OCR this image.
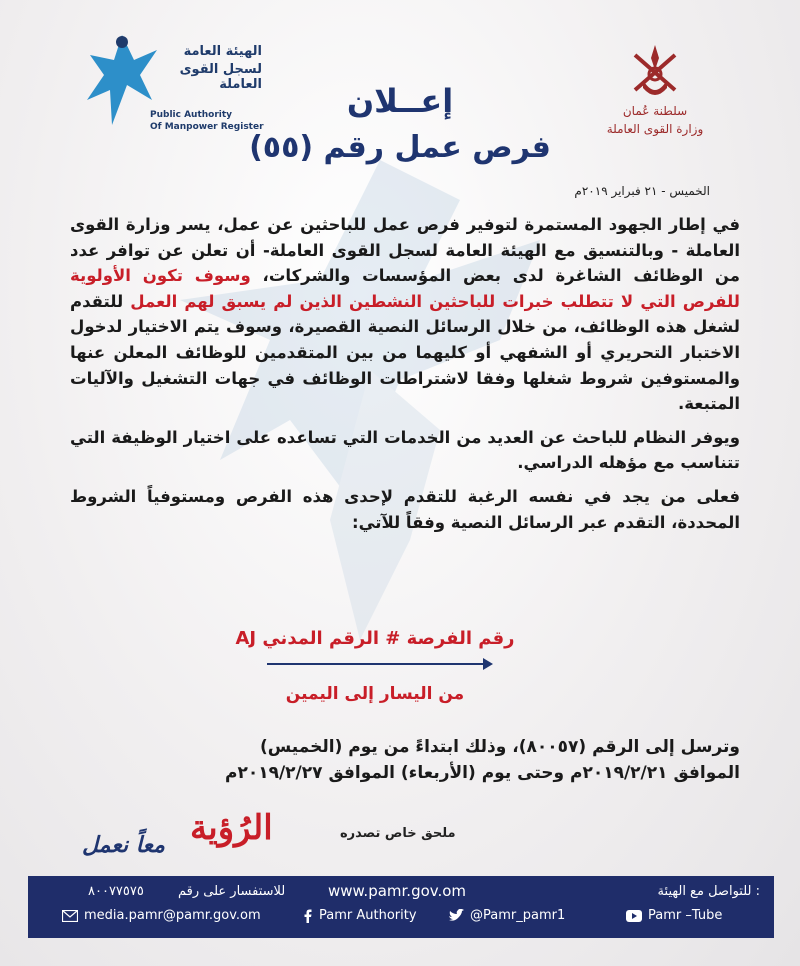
الهيئة العامة
لسجل القوى العاملة
Public Authority
Of Manpower Register
سلطنة عُمان
وزارة القوى العاملة
إعــلان
فرص عمل رقم (٥٥)
الخميس - ٢١ فبراير ٢٠١٩م

في إطار الجهود المستمرة لتوفير فرص عمل للباحثين عن عمل، يسر وزارة القوى العاملة - وبالتنسيق مع الهيئة العامة لسجل القوى العاملة- أن تعلن عن توافر عدد من الوظائف الشاغرة لدى بعض المؤسسات والشركات، وسوف تكون الأولوية للفرص التي لا تتطلب خبرات للباحثين النشطين الذين لم يسبق لهم العمل للتقدم لشغل هذه الوظائف، من خلال الرسائل النصية القصيرة، وسوف يتم الاختيار لدخول الاختبار التحريري أو الشفهي أو كليهما من بين المتقدمين للوظائف المعلن عنها والمستوفين شروط شغلها وفقا لاشتراطات الوظائف في جهات التشغيل والآليات المتبعة.

ويوفر النظام للباحث عن العديد من الخدمات التي تساعده على اختيار الوظيفة التي تتناسب مع مؤهله الدراسي.

فعلى من يجد في نفسه الرغبة للتقدم لإحدى هذه الفرص ومستوفياً الشروط المحددة، التقدم عبر الرسائل النصية وفقاً للآتي:

رقم الفرصة # الرقم المدني AJ
من اليسار إلى اليمين
وترسل إلى الرقم (٨٠٠٥٧)، وذلك ابتداءً من يوم (الخميس)
الموافق ٢٠١٩/٢/٢١م وحتى يوم (الأربعاء) الموافق ٢٠١٩/٢/٢٧م
ملحق خاص تصدره
الرُؤية
معاً نعمل
للتواصل مع الهيئة :
www.pamr.gov.om
للاستفسار على رقم
٨٠٠٧٧٥٧٥
Pamr –Tube
@Pamr_pamr1
Pamr Authority
media.pamr@pamr.gov.om
